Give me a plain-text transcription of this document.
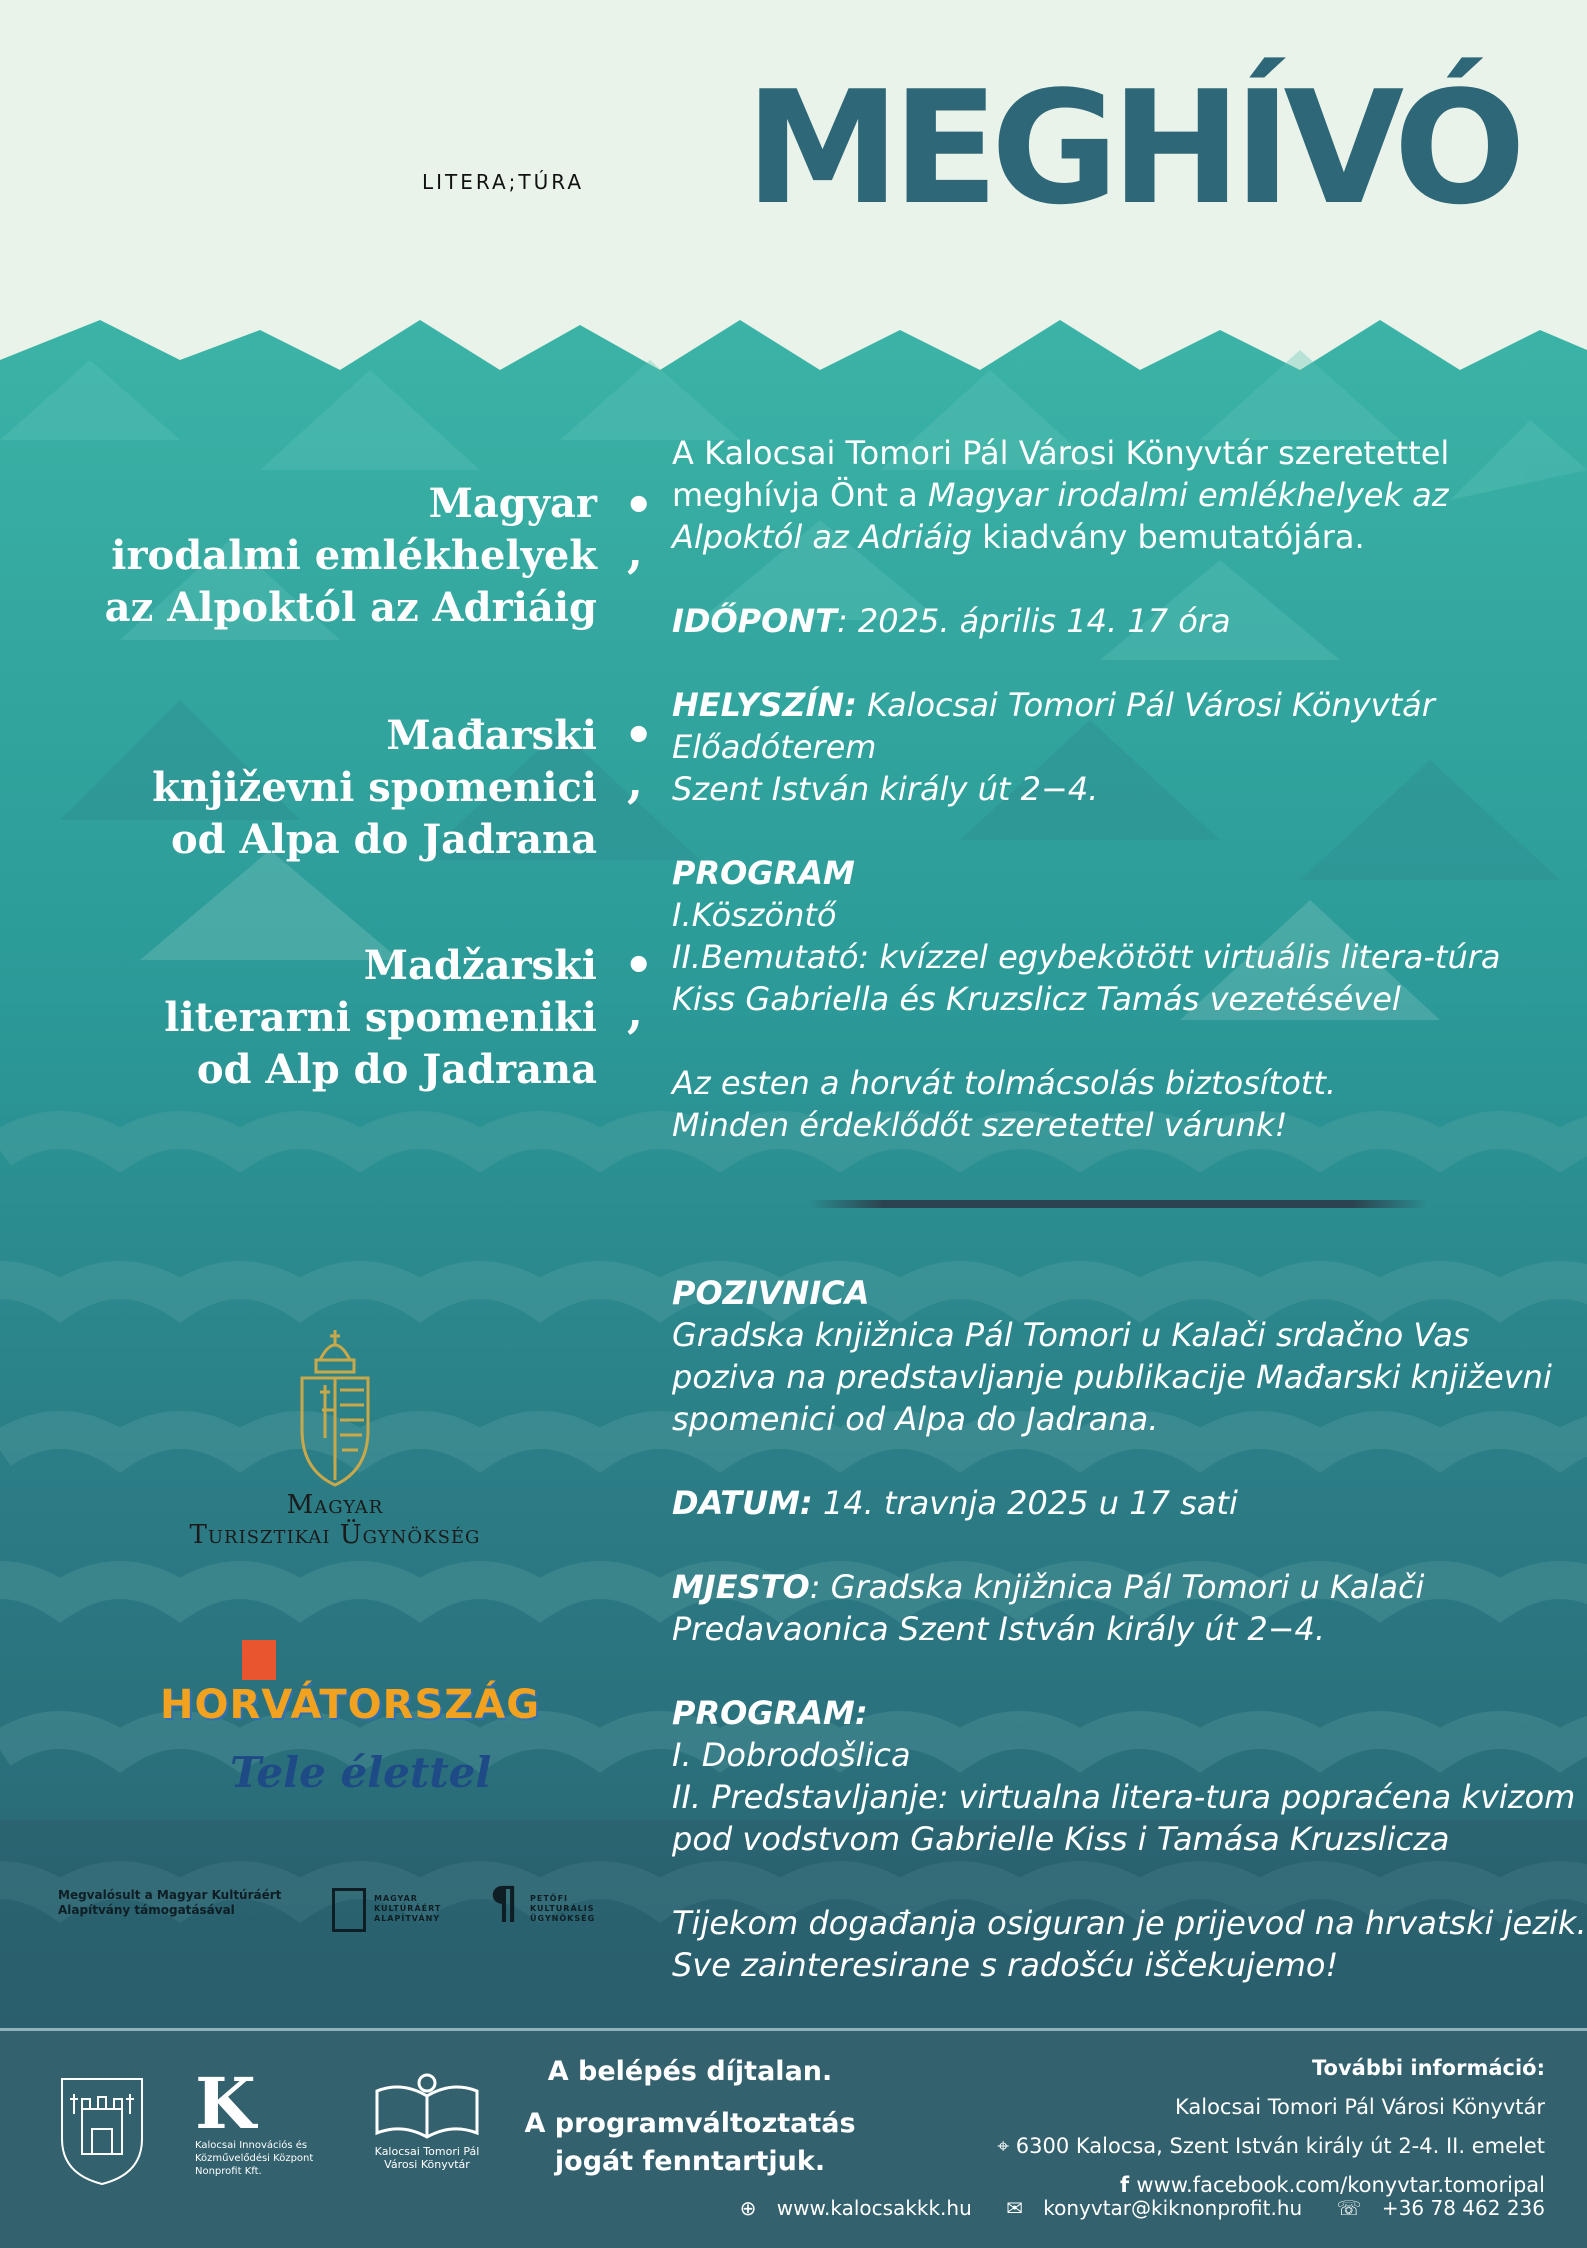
LITERA;TÚRA MEGHÍVÓ
Magyar
irodalmi emlékhelyek
az Alpoktól az Adriáig
Mađarski
književni spomenici
od Alpa do Jadrana
Madžarski
literarni spomeniki
od Alp do Jadrana
•
,
•
,
•
,
A Kalocsai Tomori Pál Városi Könyvtár szeretettel
meghívja Önt a Magyar irodalmi emlékhelyek az
Alpoktól az Adriáig kiadvány bemutatójára.
IDŐPONT: 2025. április 14. 17 óra
HELYSZÍN: Kalocsai Tomori Pál Városi Könyvtár
Előadóterem
Szent István király út 2−4.
PROGRAM
I.Köszöntő
II.Bemutató: kvízzel egybekötött virtuális litera-túra
Kiss Gabriella és Kruzslicz Tamás vezetésével
Az esten a horvát tolmácsolás biztosított.
Minden érdeklődőt szeretettel várunk!
POZIVNICA
Gradska knjižnica Pál Tomori u Kalači srdačno Vas
poziva na predstavljanje publikacije Mađarski književni
spomenici od Alpa do Jadrana.
DATUM: 14. travnja 2025 u 17 sati
MJESTO: Gradska knjižnica Pál Tomori u Kalači
Predavaonica Szent István király út 2−4.
PROGRAM:
I. Dobrodošlica
II. Predstavljanje: virtualna litera-tura popraćena kvizom
pod vodstvom Gabrielle Kiss i Tamása Kruzslicza
Tijekom događanja osiguran je prijevod na hrvatski jezik.
Sve zainteresirane s radošću iščekujemo!
Magyar
Turisztikai Ügynökség
HORVÁTORSZÁG
Tele élettel
Megvalósult a Magyar Kultúráért Alapítvány támogatásával
MAGYAR KULTÚRÁÉRT ALAPÍTVÁNY	¶ PETŐFI KULTURÁLIS ÜGYNÖKSÉG
K
Kalocsai Innovációs és Közművelődési Központ Nonprofit Kft.
Kalocsai Tomori Pál Városi Könyvtár
A belépés díjtalan.
A programváltoztatás
jogát fenntartjuk.
További információ:
Kalocsai Tomori Pál Városi Könyvtár
⌖ 6300 Kalocsa, Szent István király út 2-4. II. emelet
f www.facebook.com/konyvtar.tomoripal
⊕ www.kalocsakkk.hu ✉ konyvtar@kiknonprofit.hu ☏ +36 78 462 236
